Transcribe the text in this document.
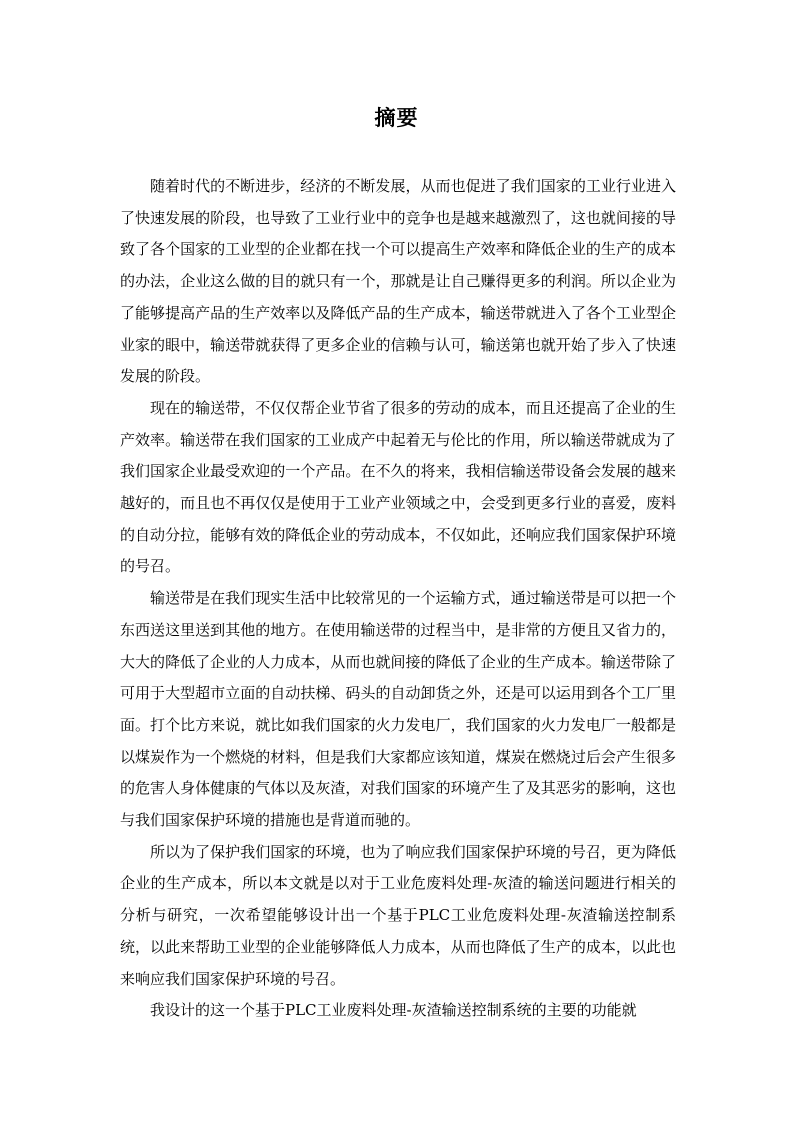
摘要

随着时代的不断进步，经济的不断发展，从而也促进了我们国家的工业行业进入了快速发展的阶段，也导致了工业行业中的竞争也是越来越激烈了，这也就间接的导致了各个国家的工业型的企业都在找一个可以提高生产效率和降低企业的生产的成本的办法，企业这么做的目的就只有一个，那就是让自己赚得更多的利润。所以企业为了能够提高产品的生产效率以及降低产品的生产成本，输送带就进入了各个工业型企业家的眼中，输送带就获得了更多企业的信赖与认可，输送第也就开始了步入了快速发展的阶段。

现在的输送带，不仅仅帮企业节省了很多的劳动的成本，而且还提高了企业的生产效率。输送带在我们国家的工业成产中起着无与伦比的作用，所以输送带就成为了我们国家企业最受欢迎的一个产品。在不久的将来，我相信输送带设备会发展的越来越好的，而且也不再仅仅是使用于工业产业领域之中，会受到更多行业的喜爱，废料的自动分拉，能够有效的降低企业的劳动成本，不仅如此，还响应我们国家保护环境的号召。

输送带是在我们现实生活中比较常见的一个运输方式，通过输送带是可以把一个东西送这里送到其他的地方。在使用输送带的过程当中，是非常的方便且又省力的，大大的降低了企业的人力成本，从而也就间接的降低了企业的生产成本。输送带除了可用于大型超市立面的自动扶梯、码头的自动卸货之外，还是可以运用到各个工厂里面。打个比方来说，就比如我们国家的火力发电厂，我们国家的火力发电厂一般都是以煤炭作为一个燃烧的材料，但是我们大家都应该知道，煤炭在燃烧过后会产生很多的危害人身体健康的气体以及灰渣，对我们国家的环境产生了及其恶劣的影响，这也与我们国家保护环境的措施也是背道而驰的。

所以为了保护我们国家的环境，也为了响应我们国家保护环境的号召，更为降低企业的生产成本，所以本文就是以对于工业危废料处理-灰渣的输送问题进行相关的分析与研究，一次希望能够设计出一个基于PLC工业危废料处理-灰渣输送控制系统，以此来帮助工业型的企业能够降低人力成本，从而也降低了生产的成本，以此也来响应我们国家保护环境的号召。

我设计的这一个基于PLC工业废料处理-灰渣输送控制系统的主要的功能就
